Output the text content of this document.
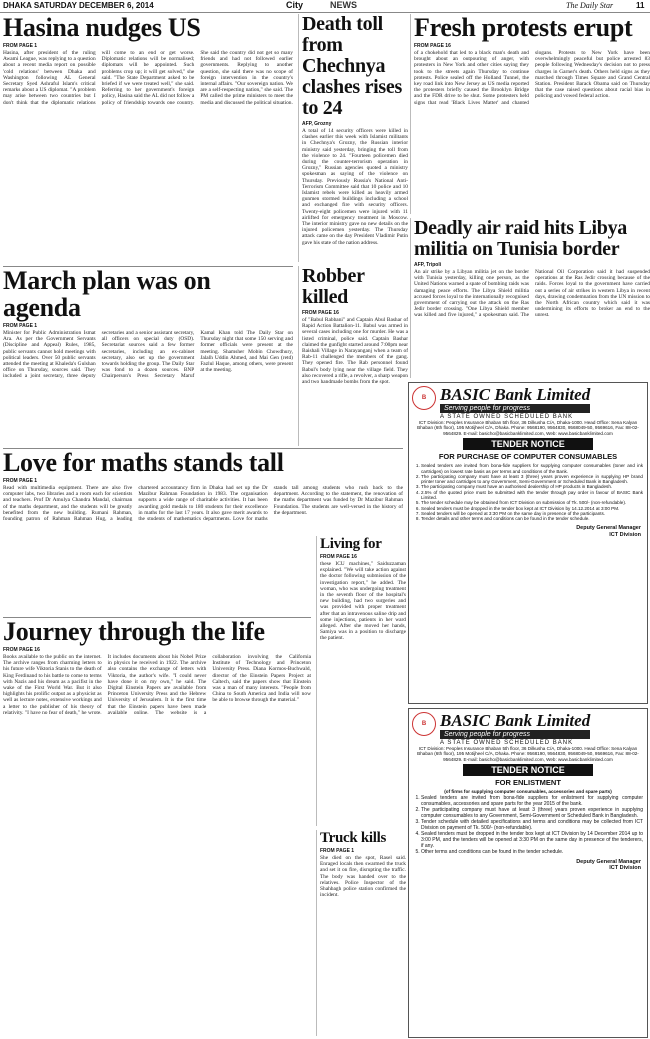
DHAKA SATURDAY DECEMBER 6, 2014	City	NEWS	The Daily Star	11
Hasina nudges US
FROM PAGE 1
Hasina, after president of the ruling Awami League, was replying to a question about a recent media report on possible 'cold relations' between Dhaka and Washington following AL General Secretary Syed Ashraful Islam's critical remarks about a US diplomat. "A problem may arise between two countries but I don't think that the diplomatic relations will come to an end or get worse. Diplomatic relations will be normalised; diplomats will be appointed. Such problems crop up; it will get solved," she said. "The State Department asked to be briefed if we were treated well," she said. Referring to her government's foreign policy, Hasina said the AL did not follow a policy of friendship towards one country. She said the country did not get so many friends and had not followed earlier governments. Replying to another question, she said there was no scope of foreign intervention in the country's internal affairs. "Our sovereign nation. We are a self-respecting nation," she said. The PM called the prime ministers to meet the media and discussed the political situation.
Death toll from Chechnya clashes rises to 24
AFP, Grozny
A total of 14 security officers were killed in clashes earlier this week with Islamist militants in Chechnya's Grozny, the Russian interior ministry said yesterday, bringing the toll from the violence to 24. "Fourteen policemen died during the counter-terrorism operation in Grozny," Russian agencies quoted a ministry spokesman as saying of the violence on Thursday. Previously Russia's National Anti-Terrorism Committee said that 10 police and 10 Islamist rebels were killed as heavily armed gunmen stormed buildings including a school and exchanged fire with security officers. Twenty-eight policemen were injured with 11 airlifted for emergency treatment in Moscow. The interior ministry gave no new details on the injured policemen yesterday. The Thursday attack came on the day President Vladimir Putin gave his state of the nation address.
Fresh protests erupt
FROM PAGE 16
of a chokehold that led to a black man's death and brought about an outpouring of anger, with protesters in New York and other cities saying they took to the streets again Thursday to continue protests. Police sealed off the Holland Tunnel, the key road link into New Jersey as US media reported the protesters briefly caused the Brooklyn Bridge and the FDR drive to be shut. Some protesters held signs that read 'Black Lives Matter' and chanted slogans. Protests to New York have been overwhelmingly peaceful but police arrested 83 people following Wednesday's decision not to press charges in Garner's death. Others held signs as they marched through Times Square and Grand Central Station. President Barack Obama said on Thursday that the case raised questions about racial bias in policing and vowed federal action.
Deadly air raid hits Libya militia on Tunisia border
AFP, Tripoli
An air strike by a Libyan militia jet on the border with Tunisia yesterday, killing one person, as the United Nations warned a spate of bombing raids was damaging peace efforts. The Libya Shield militia accused forces loyal to the internationally recognised government of carrying out the attack on the Ras Jedir border crossing. "One Libya Shield member was killed and five injured," a spokesman said. The National Oil Corporation said it had suspended operations at the Ras Jedir crossing because of the raids. Forces loyal to the government have carried out a series of air strikes in western Libya in recent days, drawing condemnation from the UN mission to the North African country which said it was undermining its efforts to broker an end to the unrest.
Robber killed
FROM PAGE 16
of "Babul Rabbani" and Captain Abul Bashar of Rapid Action Battalion-11. Babul was armed in several cases including one for murder. He was a listed criminal, police said. Captain Bashar claimed the gunfight started around 7:00pm near Baishali Village in Narayanganj when a team of Rab-11 challenged the members of the gang. They opened fire. The Rab personnel found Babul's body lying near the village field. They also recovered a rifle, a revolver, a sharp weapon and two handmade bombs from the spot.
March plan was on agenda
FROM PAGE 1
Minister for Public Administration Ismat Ara. As per the Government Servants (Discipline and Appeal) Rules, 1985, public servants cannot hold meetings with political leaders. Over 50 public servants attended the meeting at Khaleda's Gulshan office on Thursday, sources said. They included a joint secretary, three deputy secretaries and a senior assistant secretary, all officers on special duty (OSD). Secretariat sources said a few former secretaries, including an ex-cabinet secretary, also set up the government towards holding the group. The Daily Star was fond to a dozen sources. BNP Chairperson's Press Secretary Maruf Kamal Khan told The Daily Star on Thursday night that some 150 serving and former officials were present at the meeting. Shamsher Mobin Chowdhury, Jalalh Uddin Ahmed, and Mai Gen (retd) Fazlul Haque, among others, were present at the meeting.
Love for maths stands tall
FROM PAGE 1
Read with multimedia equipment. There are also five computer labs, two libraries and a room each for scientists and teachers. Prof Dr Amulya Chandra Mandal, chairman of the maths department, and the students will be greatly benefited from the new building. Rumani Rahman, founding patron of Rahman Rahman Hug, a leading chartered accountancy firm in Dhaka had set up the Dr Mazibur Rahman Foundation in 1983. The organisation supports a wide range of charitable activities. It has been awarding gold medals to 180 students for their excellence in maths for the last 17 years. It also gave merit awards to the students of mathematics departments. Love for maths stands tall among students who rush back to the department. According to the statement, the renovation of the maths department was funded by Dr Mazibur Rahman Foundation. The students are well-versed in the history of the department.
Journey through the life
FROM PAGE 16
Books available to the public on the internet. The archive ranges from charming letters to his future wife Viktoria Stanis to the death of King Ferdinand to his battle to come to terms with Nazis and his dream as a pacifist in the wake of the First World War. But it also highlights his prolific output as a physicist as well as lecture notes, extensive workings and a letter to the publisher of his theory of relativity. "I have no fear of death," he wrote. It includes documents about his Nobel Prize in physics he received in 1922. The archive also contains the exchange of letters with Viktoria, the author's wife. "I could never have done it on my own," he said. The Digital Einstein Papers are available from Princeton University Press and the Hebrew University of Jerusalem. It is the first time that the Einstein papers have been made available online. The website is a collaboration involving the California Institute of Technology and Princeton University Press. Diana Kormos-Buchwald, director of the Einstein Papers Project at Caltech, said the papers show that Einstein was a man of many interests. "People from China to South America and India will now be able to browse through the material."
Living for
FROM PAGE 16
these ICU machines," Saiduzzaman explained. "We will take action against the doctor following submission of the investigation report," he added. The woman, who was undergoing treatment in the seventh floor of the hospital's new building, had two surgeries and was provided with proper treatment after that an intravenous saline drip and some injections, patients in her ward alleged. After she moved her hands, Samiya was in a position to discharge the patient.
Truck kills
FROM PAGE 1
She died on the spot, Rasel said. Enraged locals then swarmed the truck and set it on fire, disrupting the traffic. The body was handed over to the relatives. Police Inspector of the Shahbagh police station confirmed the incident.
B BASIC Bank Limited
Serving people for progress
A STATE OWNED SCHEDULED BANK
ICT Division: Peoples Insurance Bhaban 5th floor, 36 Dilkusha C/A, Dhaka-1000. Head Office: Sena Kalyan Bhaban (6th floor), 195 Motijheel C/A, Dhaka. Phone: 9568190, 9564830, 9568049-50, 9569616, Fax: 88-02-9564829. E-mail: basicho@basicbanklimited.com, Web: www.basicbanklimited.com
TENDER NOTICE
FOR PURCHASE OF COMPUTER CONSUMABLES
1. Sealed tenders are invited from bona-fide suppliers for supplying computer consumables (toner and ink cartridges) on lowest rate basis as per terms and conditions of the Bank.
2. The participating company must have at least 3 (three) years proven experience in supplying HP brand printer toner and cartridges to any Government, Semi-Government or Scheduled Bank in Bangladesh.
3. The participating company must have an authorised dealership of HP products in Bangladesh.
4. 2.5% of the quoted price must be submitted with the tender through pay order in favour of BASIC Bank Limited.
5. The tender schedule may be obtained from ICT Division on submission of Tk. 500/- (non-refundable).
6. Sealed tenders must be dropped in the tender box kept at ICT Division by 14.12.2014 at 3:00 PM.
7. Sealed tenders will be opened at 3:30 PM on the same day in presence of the participants.
8. Tender details and other terms and conditions can be found in the tender schedule.
Deputy General Manager
ICT Division
B BASIC Bank Limited
Serving people for progress
A STATE OWNED SCHEDULED BANK
ICT Division: Peoples Insurance Bhaban 5th floor, 36 Dilkusha C/A, Dhaka-1000. Head Office: Sena Kalyan Bhaban (6th floor), 195 Motijheel C/A, Dhaka. Phone: 9568190, 9564830, 9568049-50, 9569616, Fax: 88-02-9564829. E-mail: basicho@basicbanklimited.com, Web: www.basicbanklimited.com
TENDER NOTICE
FOR ENLISTMENT
(of firms for supplying computer consumables, accessories and spare parts)
1. Sealed tenders are invited from bona-fide suppliers for enlistment for supplying computer consumables, accessories and spare parts for the year 2015 of the bank.
2. The participating company must have at least 3 (three) years proven experience in supplying computer consumables to any Government, Semi-Government or Scheduled Bank in Bangladesh.
3. Tender schedule with detailed specifications and terms and conditions may be collected from ICT Division on payment of Tk. 500/- (non-refundable).
4. Sealed tenders must be dropped in the tender box kept at ICT Division by 14 December 2014 up to 3:00 PM, and the tenders will be opened at 3:30 PM on the same day in presence of the tenderers, if any.
5. Other terms and conditions can be found in the tender schedule.
Deputy General Manager
ICT Division
